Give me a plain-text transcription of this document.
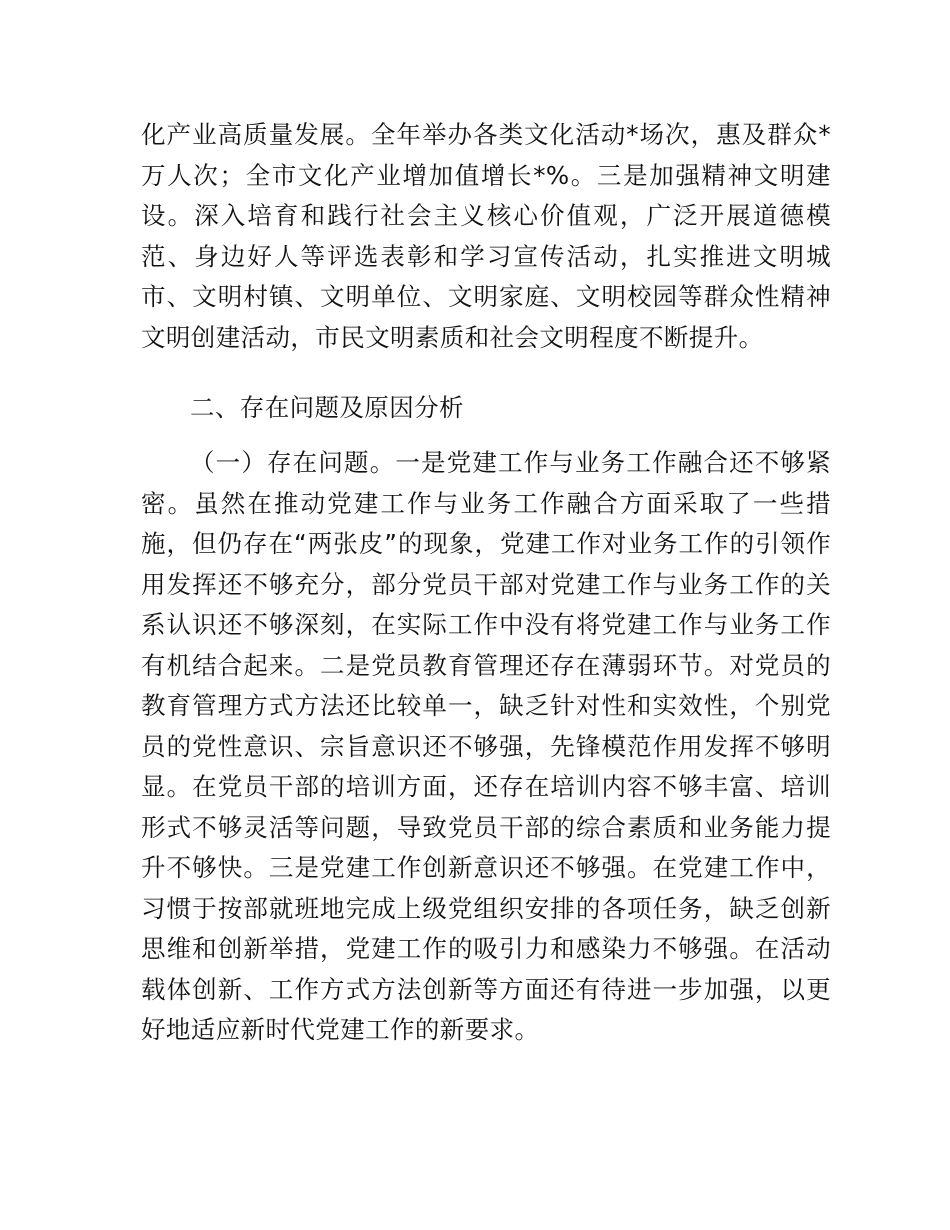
化产业高质量发展。全年举办各类文化活动*场次，惠及群众*万人次；全市文化产业增加值增长*%。三是加强精神文明建设。深入培育和践行社会主义核心价值观，广泛开展道德模范、身边好人等评选表彰和学习宣传活动，扎实推进文明城市、文明村镇、文明单位、文明家庭、文明校园等群众性精神文明创建活动，市民文明素质和社会文明程度不断提升。

二、存在问题及原因分析

（一）存在问题。一是党建工作与业务工作融合还不够紧密。虽然在推动党建工作与业务工作融合方面采取了一些措施，但仍存在“两张皮”的现象，党建工作对业务工作的引领作用发挥还不够充分，部分党员干部对党建工作与业务工作的关系认识还不够深刻，在实际工作中没有将党建工作与业务工作有机结合起来。二是党员教育管理还存在薄弱环节。对党员的教育管理方式方法还比较单一，缺乏针对性和实效性，个别党员的党性意识、宗旨意识还不够强，先锋模范作用发挥不够明显。在党员干部的培训方面，还存在培训内容不够丰富、培训形式不够灵活等问题，导致党员干部的综合素质和业务能力提升不够快。三是党建工作创新意识还不够强。在党建工作中，习惯于按部就班地完成上级党组织安排的各项任务，缺乏创新思维和创新举措，党建工作的吸引力和感染力不够强。在活动载体创新、工作方式方法创新等方面还有待进一步加强，以更好地适应新时代党建工作的新要求。
